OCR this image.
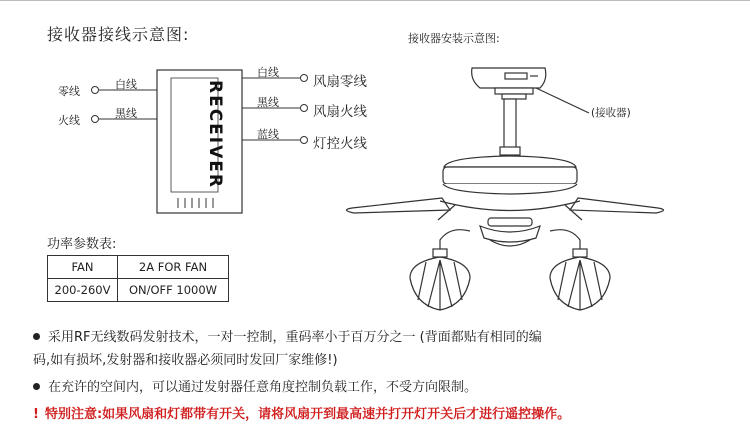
接收器接线示意图:	接收器安装示意图:
RECEIVER
零线
白线
火线
黑线
白线
风扇零线
黑线
风扇火线
蓝线
灯控火线
(接收器)
功率参数表:
FAN	2A FOR FAN
200-260V	ON/OFF 1000W
采用RF无线数码发射技术，一对一控制，重码率小于百万分之一 (背面都贴有相同的编
码,如有损坏,发射器和接收器必须同时发回厂家维修!)
在充许的空间内，可以通过发射器任意角度控制负载工作，不受方向限制。
! 特别注意:如果风扇和灯都带有开关，请将风扇开到最高速并打开灯开关后才进行遥控操作。
